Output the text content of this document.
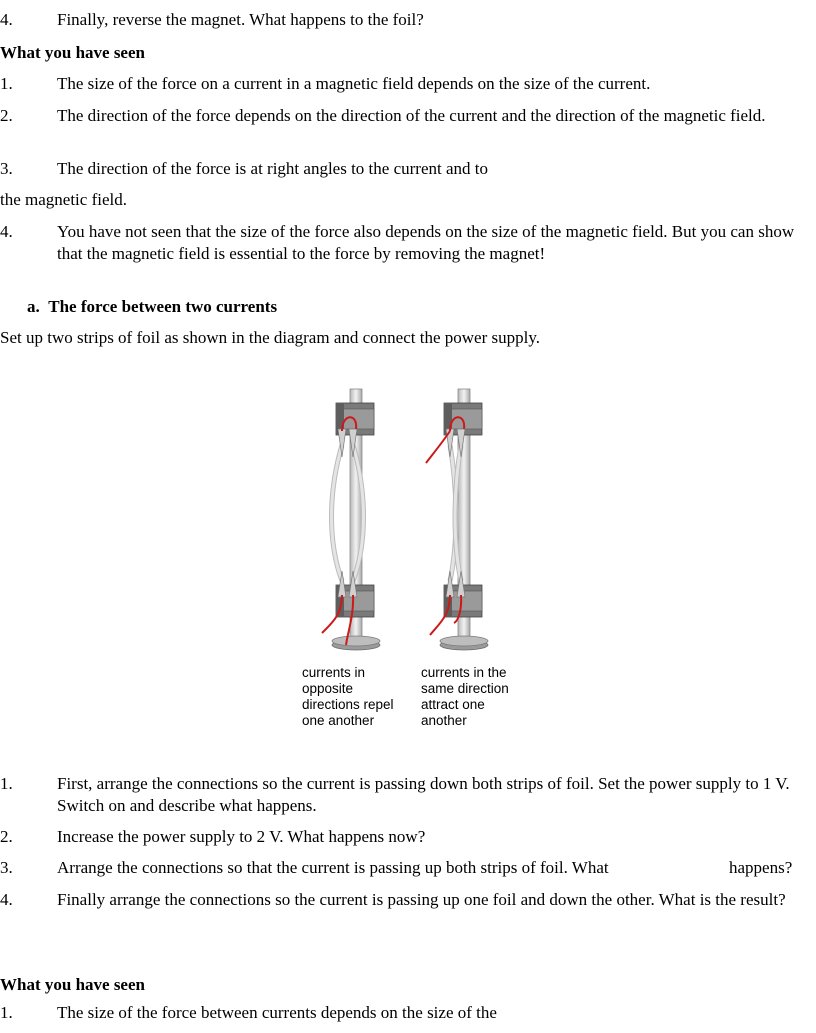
4.	Finally, reverse the magnet. What happens to the foil?
What you have seen
1.	The size of the force on a current in a magnetic field depends on the size of the current.
2.	The direction of the force depends on the direction of the current and the direction of the magnetic field.
3.	The direction of the force is at right angles to the current and to
the magnetic field.
4.	You have not seen that the size of the force also depends on the size of the magnetic field. But you can show that the magnetic field is essential to the force by removing the magnet!
a. The force between two currents
Set up two strips of foil as shown in the diagram and connect the power supply.
currents in
opposite
directions repel
one another
currents in the
same direction
attract one
another
1.	First, arrange the connections so the current is passing down both strips of foil. Set the power supply to 1 V. Switch on and describe what happens.
2.	Increase the power supply to 2 V. What happens now?
3.	Arrange the connections so that the current is passing up both strips of foil. What	happens?
4.	Finally arrange the connections so the current is passing up one foil and down the other. What is the result?
What you have seen
1.	The size of the force between currents depends on the size of the
